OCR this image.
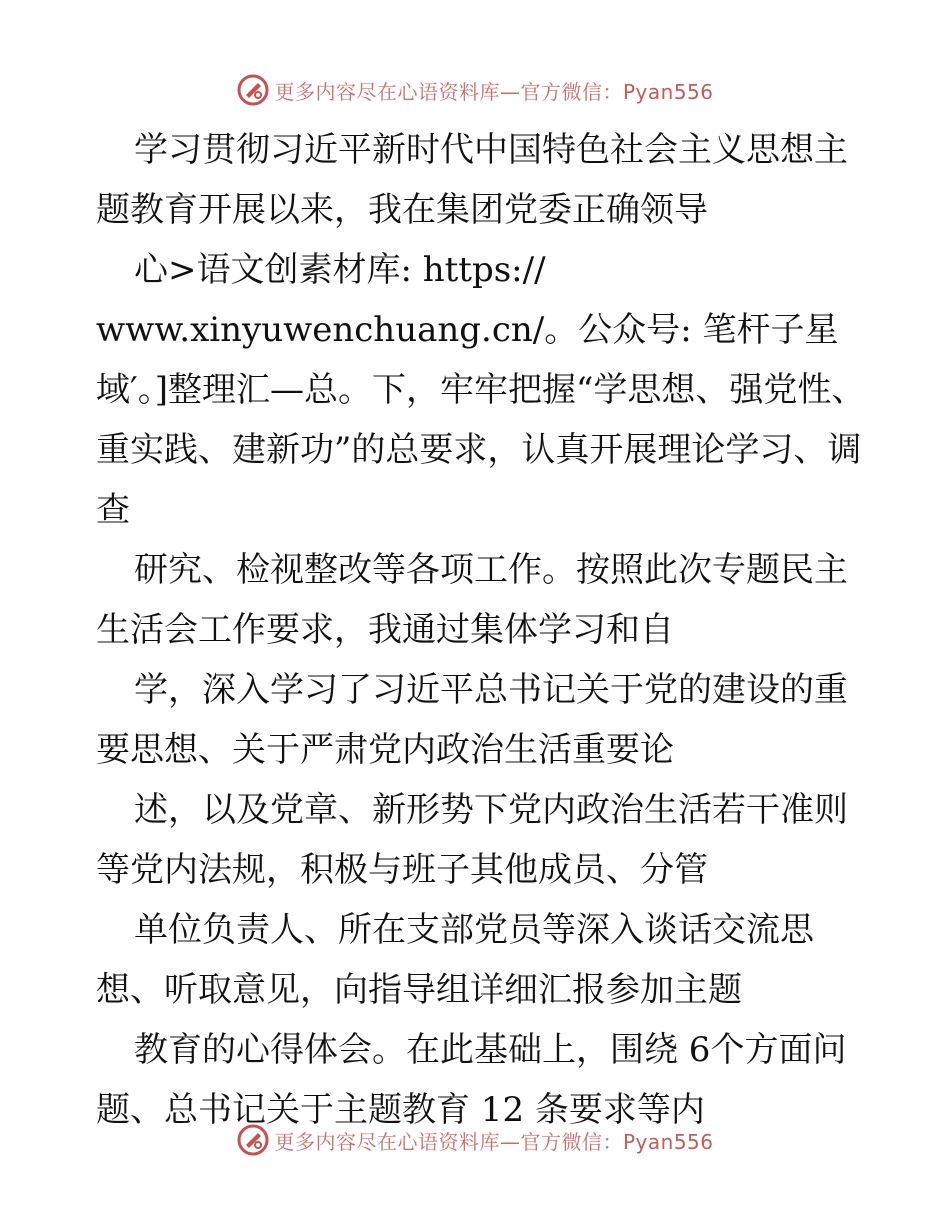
更多内容尽在心语资料库—官方微信：Pyan556

学习贯彻习近平新时代中国特色社会主义思想主题教育开展以来，我在集团党委正确领导

心>语文创素材库: https://
www.xinyuwenchuang.cn/。公众号: 笔杆子星域′。]整理汇—总。下，牢牢把握“学思想、强党性、重实践、建新功”的总要求，认真开展理论学习、调查

研究、检视整改等各项工作。按照此次专题民主生活会工作要求，我通过集体学习和自

学，深入学习了习近平总书记关于党的建设的重要思想、关于严肃党内政治生活重要论

述，以及党章、新形势下党内政治生活若干准则等党内法规，积极与班子其他成员、分管

单位负责人、所在支部党员等深入谈话交流思想、听取意见，向指导组详细汇报参加主题

教育的心得体会。在此基础上，围绕 6个方面问题、总书记关于主题教育 12 条要求等内

更多内容尽在心语资料库—官方微信：Pyan556
